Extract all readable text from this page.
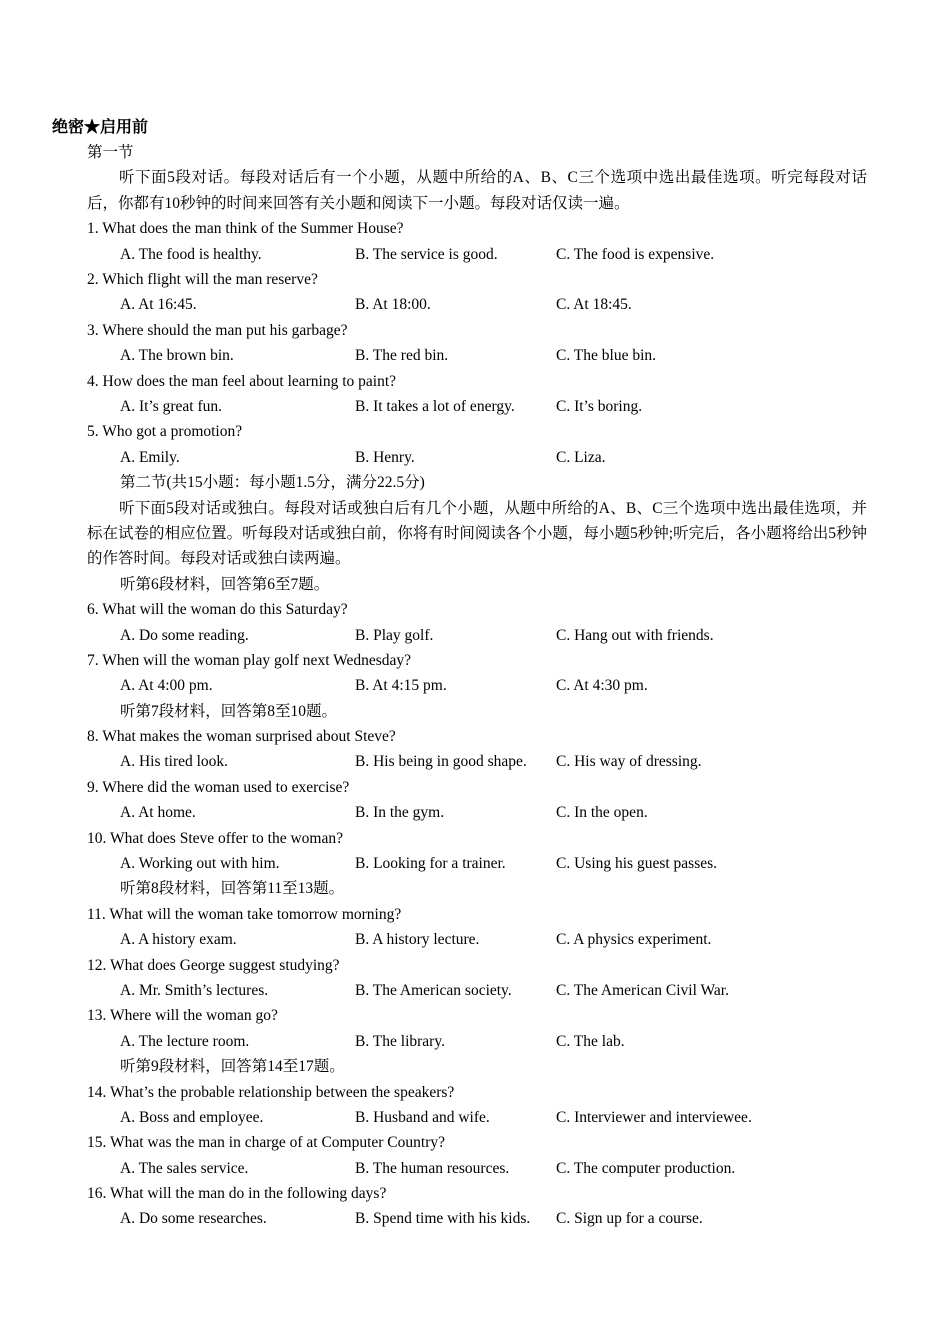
绝密★启用前
第一节
听下面5段对话。每段对话后有一个小题，从题中所给的A、B、C三个选项中选出最佳选项。听完每段对话后，你都有10秒钟的时间来回答有关小题和阅读下一小题。每段对话仅读一遍。
1. What does the man think of the Summer House?
A. The food is healthy.	B. The service is good.	C. The food is expensive.
2. Which flight will the man reserve?
A. At 16:45.	B. At 18:00.	C. At 18:45.
3. Where should the man put his garbage?
A. The brown bin.	B. The red bin.	C. The blue bin.
4. How does the man feel about learning to paint?
A. It’s great fun.	B. It takes a lot of energy.	C. It’s boring.
5. Who got a promotion?
A. Emily.	B. Henry.	C. Liza.
第二节(共15小题：每小题1.5分，满分22.5分)
听下面5段对话或独白。每段对话或独白后有几个小题，从题中所给的A、B、C三个选项中选出最佳选项，并标在试卷的相应位置。听每段对话或独白前，你将有时间阅读各个小题，每小题5秒钟;听完后，各小题将给出5秒钟的作答时间。每段对话或独白读两遍。
听第6段材料，回答第6至7题。
6. What will the woman do this Saturday?
A. Do some reading.	B. Play golf.	C. Hang out with friends.
7. When will the woman play golf next Wednesday?
A. At 4:00 pm.	B. At 4:15 pm.	C. At 4:30 pm.
听第7段材料，回答第8至10题。
8. What makes the woman surprised about Steve?
A. His tired look.	B. His being in good shape.	C. His way of dressing.
9. Where did the woman used to exercise?
A. At home.	B. In the gym.	C. In the open.
10. What does Steve offer to the woman?
A. Working out with him.	B. Looking for a trainer.	C. Using his guest passes.
听第8段材料，回答第11至13题。
11. What will the woman take tomorrow morning?
A. A history exam.	B. A history lecture.	C. A physics experiment.
12. What does George suggest studying?
A. Mr. Smith’s lectures.	B. The American society.	C. The American Civil War.
13. Where will the woman go?
A. The lecture room.	B. The library.	C. The lab.
听第9段材料，回答第14至17题。
14. What’s the probable relationship between the speakers?
A. Boss and employee.	B. Husband and wife.	C. Interviewer and interviewee.
15. What was the man in charge of at Computer Country?
A. The sales service.	B. The human resources.	C. The computer production.
16. What will the man do in the following days?
A. Do some researches.	B. Spend time with his kids.	C. Sign up for a course.
